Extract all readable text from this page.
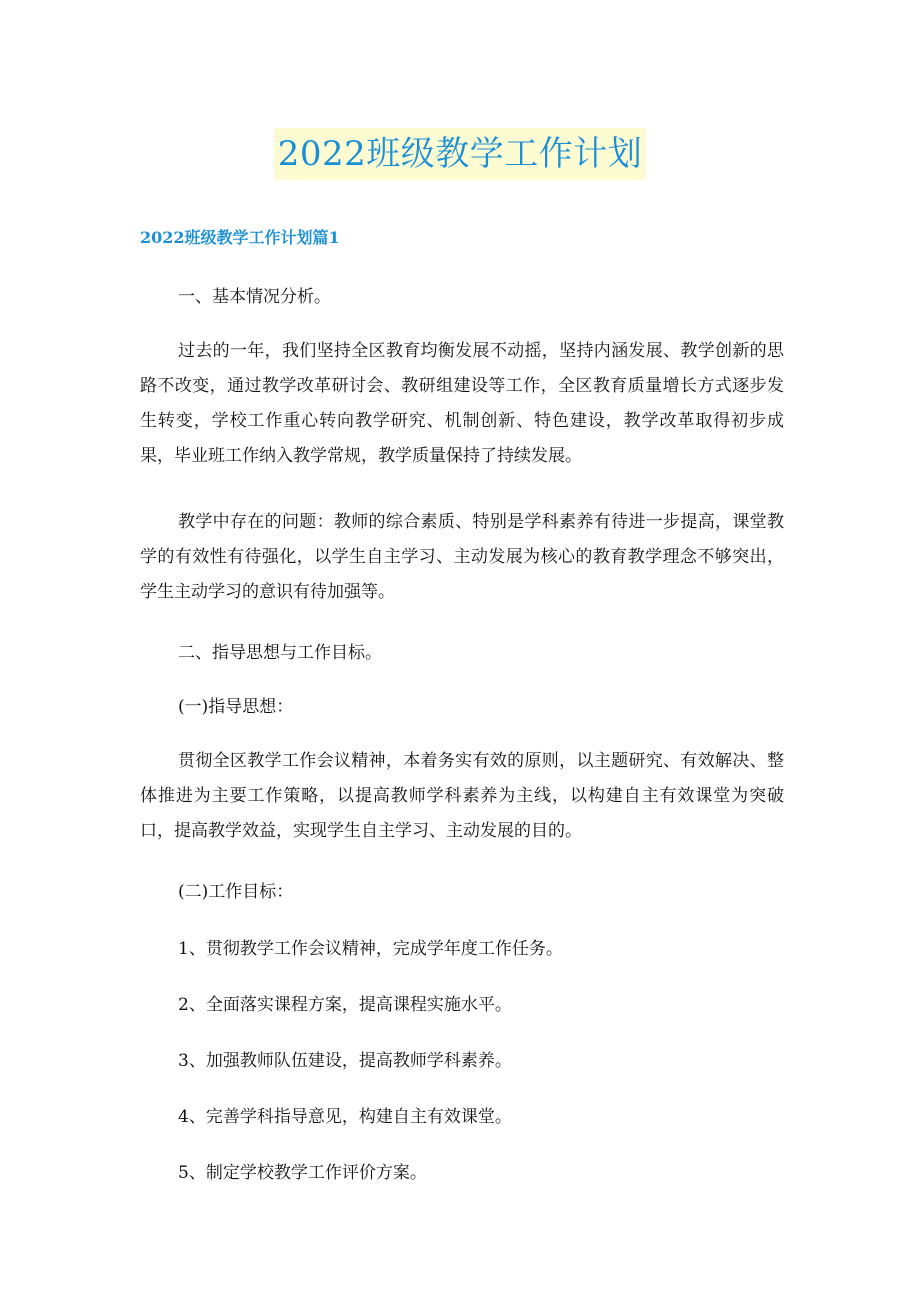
2022班级教学工作计划
2022班级教学工作计划篇1
一、基本情况分析。
过去的一年，我们坚持全区教育均衡发展不动摇，坚持内涵发展、教学创新的思路不改变，通过教学改革研讨会、教研组建设等工作，全区教育质量增长方式逐步发生转变，学校工作重心转向教学研究、机制创新、特色建设，教学改革取得初步成果，毕业班工作纳入教学常规，教学质量保持了持续发展。
教学中存在的问题：教师的综合素质、特别是学科素养有待进一步提高，课堂教学的有效性有待强化，以学生自主学习、主动发展为核心的教育教学理念不够突出，学生主动学习的意识有待加强等。
二、指导思想与工作目标。
(一)指导思想：
贯彻全区教学工作会议精神，本着务实有效的原则，以主题研究、有效解决、整体推进为主要工作策略，以提高教师学科素养为主线，以构建自主有效课堂为突破口，提高教学效益，实现学生自主学习、主动发展的目的。
(二)工作目标：
1、贯彻教学工作会议精神，完成学年度工作任务。
2、全面落实课程方案，提高课程实施水平。
3、加强教师队伍建设，提高教师学科素养。
4、完善学科指导意见，构建自主有效课堂。
5、制定学校教学工作评价方案。
